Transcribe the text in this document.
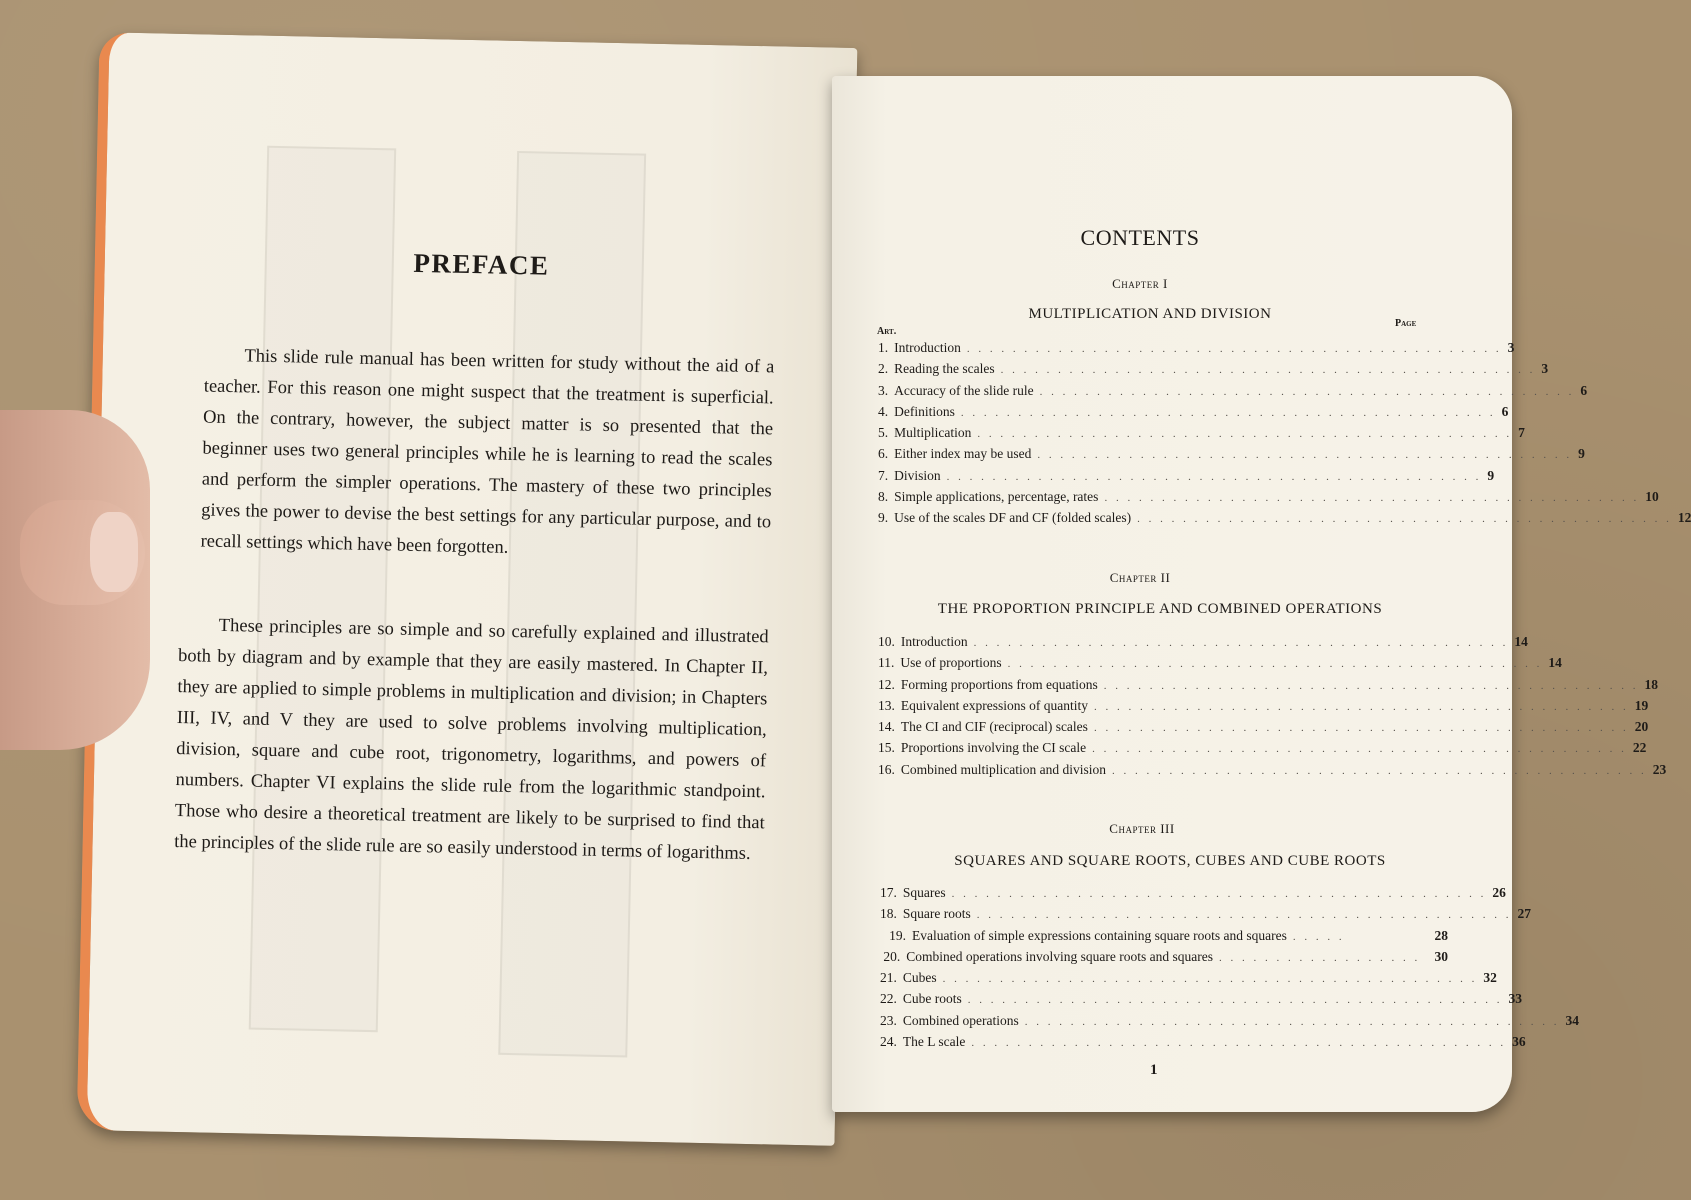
PREFACE

This slide rule manual has been written for study without the aid of a teacher. For this reason one might suspect that the treatment is superficial. On the contrary, however, the subject matter is so presented that the beginner uses two general principles while he is learning to read the scales and perform the simpler operations. The mastery of these two principles gives the power to devise the best settings for any particular purpose, and to recall settings which have been forgotten.

These principles are so simple and so carefully explained and illustrated both by diagram and by example that they are easily mastered. In Chapter II, they are applied to simple problems in multiplication and division; in Chapters III, IV, and V they are used to solve problems involving multiplication, division, square and cube root, trigonometry, logarithms, and powers of numbers. Chapter VI explains the slide rule from the logarithmic standpoint. Those who desire a theoretical treatment are likely to be surprised to find that the principles of the slide rule are so easily understood in terms of logarithms.

CONTENTS
Chapter I
MULTIPLICATION AND DIVISION
Art.
Page
1. Introduction . . . . . . . . . . . . . . . . . . . . . . . . . . . . . . . . . . . . . . . . . . . . . . . 3
2. Reading the scales . . . . . . . . . . . . . . . . . . . . . . . . . . . . . . . . . . . . . . . . . . . . . . . 3
3. Accuracy of the slide rule . . . . . . . . . . . . . . . . . . . . . . . . . . . . . . . . . . . . . . . . . . . . . . . 6
4. Definitions . . . . . . . . . . . . . . . . . . . . . . . . . . . . . . . . . . . . . . . . . . . . . . . 6
5. Multiplication . . . . . . . . . . . . . . . . . . . . . . . . . . . . . . . . . . . . . . . . . . . . . . . 7
6. Either index may be used . . . . . . . . . . . . . . . . . . . . . . . . . . . . . . . . . . . . . . . . . . . . . . . 9
7. Division . . . . . . . . . . . . . . . . . . . . . . . . . . . . . . . . . . . . . . . . . . . . . . . 9
8. Simple applications, percentage, rates . . . . . . . . . . . . . . . . . . . . . . . . . . . . . . . . . . . . . . . . . . . . . . . 10
9. Use of the scales DF and CF (folded scales) . . . . . . . . . . . . . . . . . . . . . . . . . . . . . . . . . . . . . . . . . . . . . . . 12
Chapter II
THE PROPORTION PRINCIPLE AND COMBINED OPERATIONS
10. Introduction . . . . . . . . . . . . . . . . . . . . . . . . . . . . . . . . . . . . . . . . . . . . . . . 14
11. Use of proportions . . . . . . . . . . . . . . . . . . . . . . . . . . . . . . . . . . . . . . . . . . . . . . . 14
12. Forming proportions from equations . . . . . . . . . . . . . . . . . . . . . . . . . . . . . . . . . . . . . . . . . . . . . . . 18
13. Equivalent expressions of quantity . . . . . . . . . . . . . . . . . . . . . . . . . . . . . . . . . . . . . . . . . . . . . . . 19
14. The CI and CIF (reciprocal) scales . . . . . . . . . . . . . . . . . . . . . . . . . . . . . . . . . . . . . . . . . . . . . . . 20
15. Proportions involving the CI scale . . . . . . . . . . . . . . . . . . . . . . . . . . . . . . . . . . . . . . . . . . . . . . . 22
16. Combined multiplication and division . . . . . . . . . . . . . . . . . . . . . . . . . . . . . . . . . . . . . . . . . . . . . . . 23
Chapter III
SQUARES AND SQUARE ROOTS, CUBES AND CUBE ROOTS
17. Squares . . . . . . . . . . . . . . . . . . . . . . . . . . . . . . . . . . . . . . . . . . . . . . . 26
18. Square roots . . . . . . . . . . . . . . . . . . . . . . . . . . . . . . . . . . . . . . . . . . . . . . . 27
19. Evaluation of simple expressions containing square roots and squares . . . . .	28
20. Combined operations involving square roots and squares . . . . . . . . . . . . . . . . . .	30
21. Cubes . . . . . . . . . . . . . . . . . . . . . . . . . . . . . . . . . . . . . . . . . . . . . . . 32
22. Cube roots . . . . . . . . . . . . . . . . . . . . . . . . . . . . . . . . . . . . . . . . . . . . . . . 33
23. Combined operations . . . . . . . . . . . . . . . . . . . . . . . . . . . . . . . . . . . . . . . . . . . . . . . 34
24. The L scale . . . . . . . . . . . . . . . . . . . . . . . . . . . . . . . . . . . . . . . . . . . . . . . 36
1
